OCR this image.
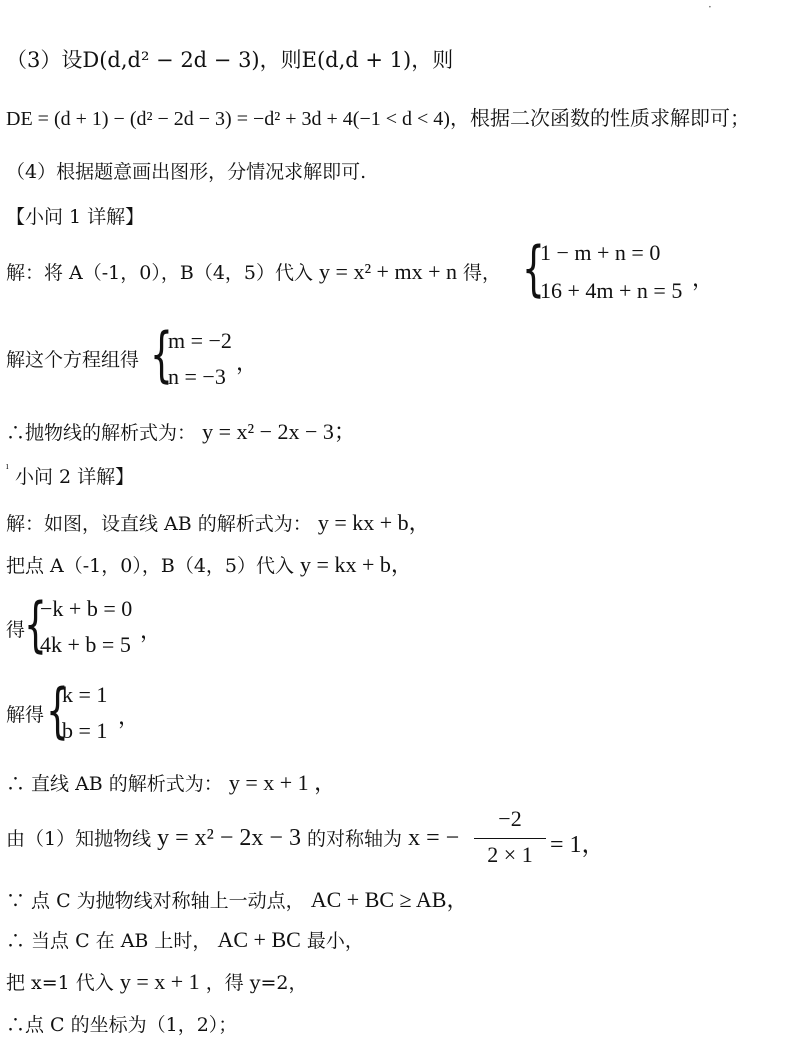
（3）设D(d,d² − 2d − 3)，则E(d,d + 1)，则
DE = (d + 1) − (d² − 2d − 3) = −d² + 3d + 4(−1 < d < 4)，根据二次函数的性质求解即可；
（4）根据题意画出图形，分情况求解即可.
【小问 1 详解】
解：将 A（-1，0），B（4，5）代入 y = x² + mx + n 得， {
1 − m + n = 0
16 + 4m + n = 5 ，
解这个方程组得 {
m = −2
n = −3
，
∴抛物线的解析式为： y = x² − 2x − 3；
$^ˡ$ 小问 2 详解】
解：如图，设直线 AB 的解析式为： y = kx + b，
把点 A（-1，0），B（4，5）代入 y = kx + b，
得
{
−k + b = 0
4k + b = 5
，
解得 {
k = 1
b = 1
，
∴ 直线 AB 的解析式为： y = x + 1 ，
由（1）知抛物线 y = x² − 2x − 3 的对称轴为 x = −
−2
2 × 1 = 1，
∵ 点 C 为抛物线对称轴上一动点， AC + BC ≥ AB，
∴ 当点 C 在 AB 上时， AC + BC 最小，
把 x=1 代入 y = x + 1 ，得 y=2，
∴点 C 的坐标为（1，2）；
·
